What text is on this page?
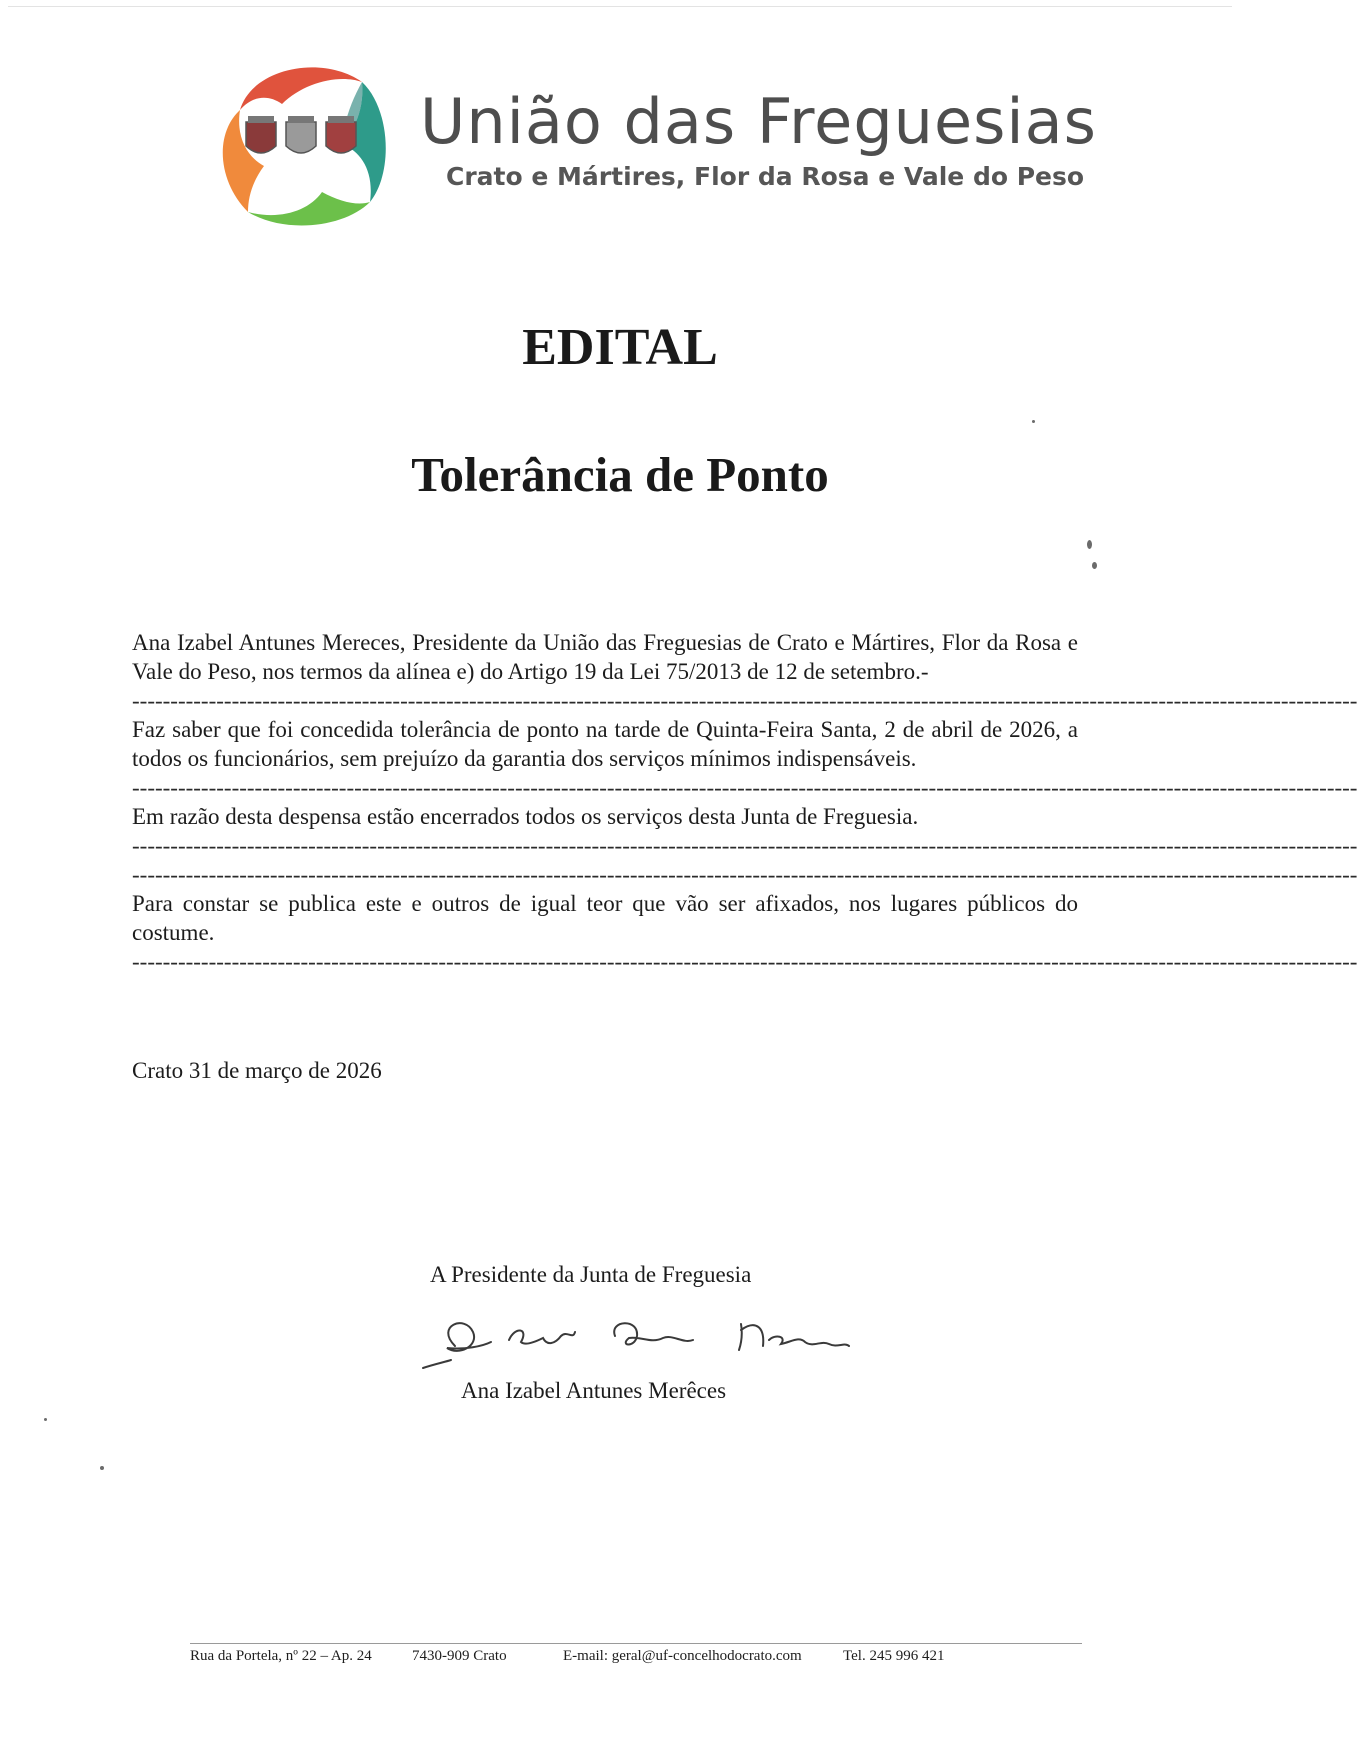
União das Freguesias
Crato e Mártires, Flor da Rosa e Vale do Peso
EDITAL
Tolerância de Ponto

Ana Izabel Antunes Mereces, Presidente da União das Freguesias de Crato e Mártires, Flor da Rosa e Vale do Peso, nos termos da alínea e) do Artigo 19 da Lei 75/2013 de 12 de setembro.-

----------------------------------------------------------------------------------------------------------------------------------------------------------------

Faz saber que foi concedida tolerância de ponto na tarde de Quinta-Feira Santa, 2 de abril de 2026, a todos os funcionários, sem prejuízo da garantia dos serviços mínimos indispensáveis.

----------------------------------------------------------------------------------------------------------------------------------------------------------------

Em razão desta despensa estão encerrados todos os serviços desta Junta de Freguesia.

----------------------------------------------------------------------------------------------------------------------------------------------------------------
----------------------------------------------------------------------------------------------------------------------------------------------------------------

Para constar se publica este e outros de igual teor que vão ser afixados, nos lugares públicos do costume.

----------------------------------------------------------------------------------------------------------------------------------------------------------------
Crato 31 de março de 2026
A Presidente da Junta de Freguesia
Ana Izabel Antunes Merêces
Rua da Portela, nº 22 – Ap. 24	7430-909 Crato	E-mail: geral@uf-concelhodocrato.com	Tel. 245 996 421
